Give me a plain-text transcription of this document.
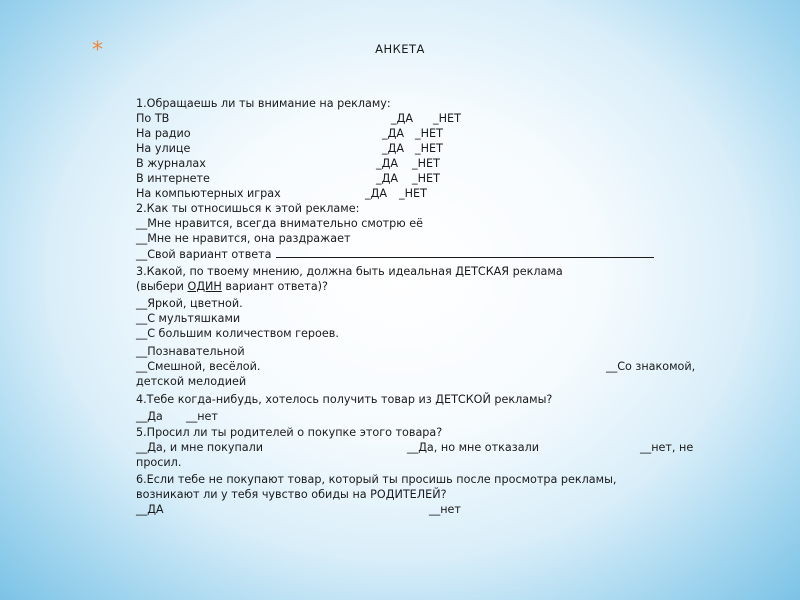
*	АНКЕТА
1.Обращаешь ли ты внимание на рекламу:
По ТВ	_ДА _НЕТ
На радио	_ДА _НЕТ
На улице	_ДА _НЕТ
В журналах	_ДА _НЕТ
В интернете	_ДА _НЕТ
На компьютерных играх	_ДА _НЕТ
2.Как ты относишься к этой рекламе:
__Мне нравится, всегда внимательно смотрю её
__Мне не нравится, она раздражает
__Свой вариант ответа
3.Какой, по твоему мнению, должна быть идеальная ДЕТСКАЯ реклама
(выбери ОДИН вариант ответа)?
__Яркой, цветной.
__С мультяшками
__С большим количеством героев.
__Познавательной
__Смешной, весёлой.	__Со знакомой,
детской мелодией
4.Тебе когда-нибудь, хотелось получить товар из ДЕТСКОЙ рекламы?
__Да __нет
5.Просил ли ты родителей о покупке этого товара?
__Да, и мне покупали	__Да, но мне отказали	__нет, не
просил.
6.Если тебе не покупают товар, который ты просишь после просмотра рекламы,
возникают ли у тебя чувство обиды на РОДИТЕЛЕЙ?
__ДА	__нет
